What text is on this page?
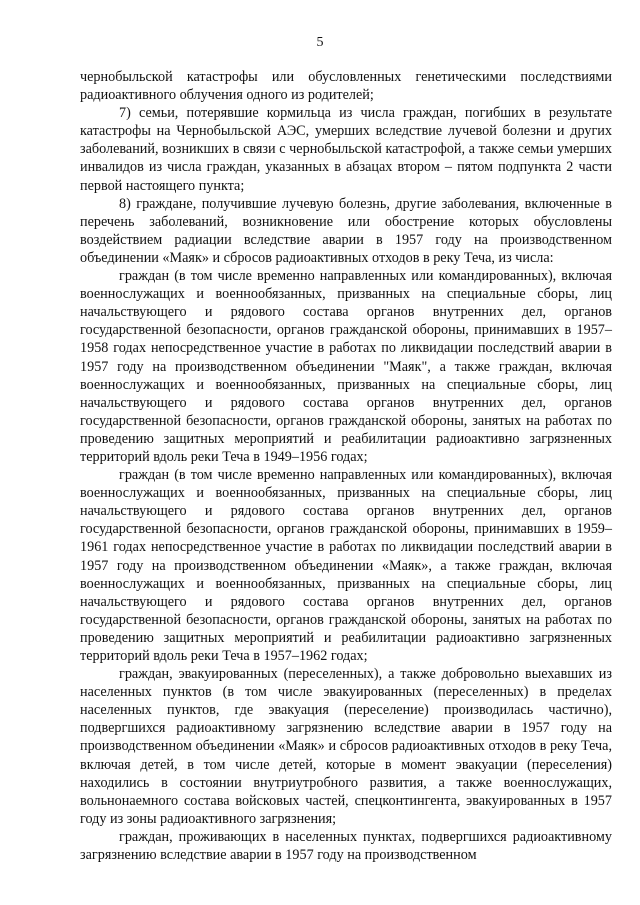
5

чернобыльской катастрофы или обусловленных генетическими последствиями радиоактивного облучения одного из родителей;

7) семьи, потерявшие кормильца из числа граждан, погибших в результате катастрофы на Чернобыльской АЭС, умерших вследствие лучевой болезни и других заболеваний, возникших в связи с чернобыльской катастрофой, а также семьи умерших инвалидов из числа граждан, указанных в абзацах втором – пятом подпункта 2 части первой настоящего пункта;

8) граждане, получившие лучевую болезнь, другие заболевания, включенные в перечень заболеваний, возникновение или обострение которых обусловлены воздействием радиации вследствие аварии в 1957 году на производственном объединении «Маяк» и сбросов радиоактивных отходов в реку Теча, из числа:

граждан (в том числе временно направленных или командированных), включая военнослужащих и военнообязанных, призванных на специальные сборы, лиц начальствующего и рядового состава органов внутренних дел, органов государственной безопасности, органов гражданской обороны, принимавших в 1957–1958 годах непосредственное участие в работах по ликвидации последствий аварии в 1957 году на производственном объединении "Маяк", а также граждан, включая военнослужащих и военнообязанных, призванных на специальные сборы, лиц начальствующего и рядового состава органов внутренних дел, органов государственной безопасности, органов гражданской обороны, занятых на работах по проведению защитных мероприятий и реабилитации радиоактивно загрязненных территорий вдоль реки Теча в 1949–1956 годах;

граждан (в том числе временно направленных или командированных), включая военнослужащих и военнообязанных, призванных на специальные сборы, лиц начальствующего и рядового состава органов внутренних дел, органов государственной безопасности, органов гражданской обороны, принимавших в 1959–1961 годах непосредственное участие в работах по ликвидации последствий аварии в 1957 году на производственном объединении «Маяк», а также граждан, включая военнослужащих и военнообязанных, призванных на специальные сборы, лиц начальствующего и рядового состава органов внутренних дел, органов государственной безопасности, органов гражданской обороны, занятых на работах по проведению защитных мероприятий и реабилитации радиоактивно загрязненных территорий вдоль реки Теча в 1957–1962 годах;

граждан, эвакуированных (переселенных), а также добровольно выехавших из населенных пунктов (в том числе эвакуированных (переселенных) в пределах населенных пунктов, где эвакуация (переселение) производилась частично), подвергшихся радиоактивному загрязнению вследствие аварии в 1957 году на производственном объединении «Маяк» и сбросов радиоактивных отходов в реку Теча, включая детей, в том числе детей, которые в момент эвакуации (переселения) находились в состоянии внутриутробного развития, а также военнослужащих, вольнонаемного состава войсковых частей, спецконтингента, эвакуированных в 1957 году из зоны радиоактивного загрязнения;

граждан, проживающих в населенных пунктах, подвергшихся радиоактивному загрязнению вследствие аварии в 1957 году на производственном
